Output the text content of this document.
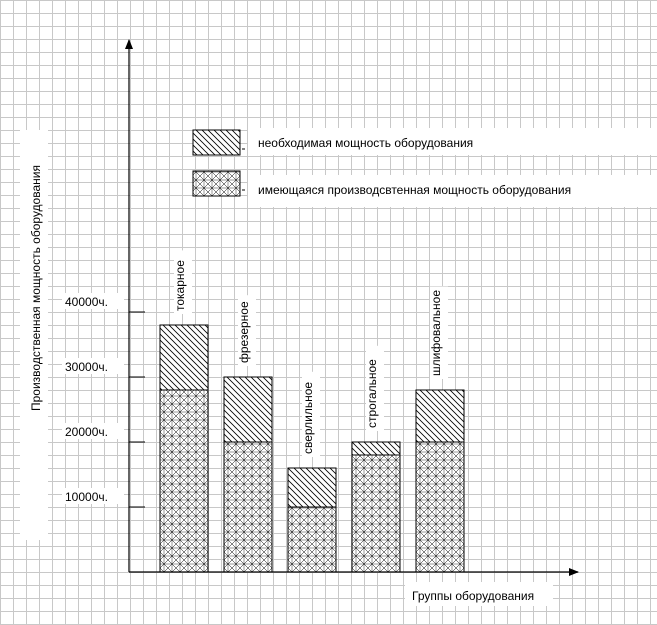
токарное
фрезерное
сверлильное	строгальное
шлифовальное
10000ч.
20000ч.
30000ч.
40000ч.
Производственная мощность оборудования
Группы оборудования
необходимая мощность оборудования
имеющаяся производсвтенная мощность оборудования
